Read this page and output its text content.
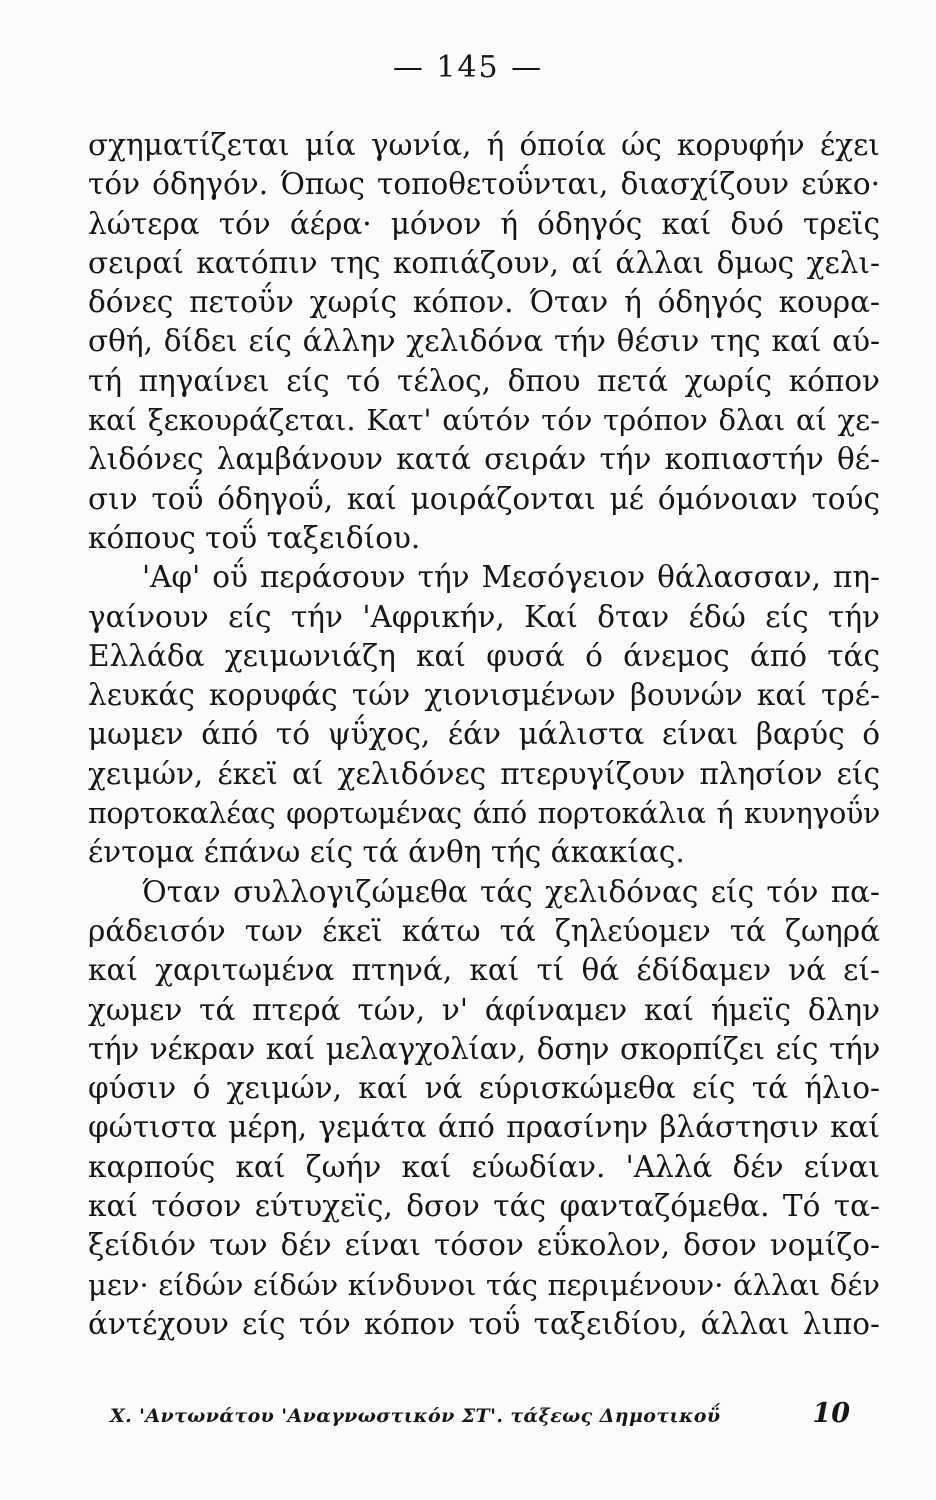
— 145 —
σχηματίζεται μία γωνία, ή όποία ώς κορυφήν έχει
τόν όδηγόν. Όπως τοποθετοΰνται, διασχίζουν εύκο·
λώτερα τόν άέρα· μόνον ή όδηγός καί δυό τρεϊς
σειραί κατόπιν της κοπιάζουν, αί άλλαι δμως χελι-
δόνες πετοΰν χωρίς κόπον. Όταν ή όδηγός κουρα-
σθή, δίδει είς άλλην χελιδόνα τήν θέσιν της καί αύ-
τή πηγαίνει είς τό τέλος, δπου πετά χωρίς κόπον
καί ξεκουράζεται. Κατ' αύτόν τόν τρόπον δλαι αί χε-
λιδόνες λαμβάνουν κατά σειράν τήν κοπιαστήν θέ-
σιν τοΰ όδηγοΰ, καί μοιράζονται μέ όμόνοιαν τούς
κόπους τοΰ ταξειδίου.
'Αφ' οΰ περάσουν τήν Μεσόγειον θάλασσαν, πη-
γαίνουν είς τήν 'Αφρικήν, Καί δταν έδώ είς τήν
Ελλάδα χειμωνιάζη καί φυσά ό άνεμος άπό τάς
λευκάς κορυφάς τών χιονισμένων βουνών καί τρέ-
μωμεν άπό τό ψΰχος, έάν μάλιστα είναι βαρύς ό
χειμών, έκεϊ αί χελιδόνες πτερυγίζουν πλησίον είς
πορτοκαλέας φορτωμένας άπό πορτοκάλια ή κυνηγοΰν
έντομα έπάνω είς τά άνθη τής άκακίας.
Όταν συλλογιζώμεθα τάς χελιδόνας είς τόν πα-
ράδεισόν των έκεϊ κάτω τά ζηλεύομεν τά ζωηρά
καί χαριτωμένα πτηνά, καί τί θά έδίδαμεν νά εί-
χωμεν τά πτερά τών, ν' άφίναμεν καί ήμεϊς δλην
τήν νέκραν καί μελαγχολίαν, δσην σκορπίζει είς τήν
φύσιν ό χειμών, καί νά εύρισκώμεθα είς τά ήλιο-
φώτιστα μέρη, γεμάτα άπό πρασίνην βλάστησιν καί
καρπούς καί ζωήν καί εύωδίαν. 'Αλλά δέν είναι
καί τόσον εύτυχεϊς, δσον τάς φανταζόμεθα. Τό τα-
ξείδιόν των δέν είναι τόσον εΰκολον, δσον νομίζο-
μεν· είδών είδών κίνδυνοι τάς περιμένουν· άλλαι δέν
άντέχουν είς τόν κόπον τοΰ ταξειδίου, άλλαι λιπο-
Χ. 'Αντωνάτου 'Αναγνωστικόν ΣΤ'. τάξεως Δημοτικοΰ	10
